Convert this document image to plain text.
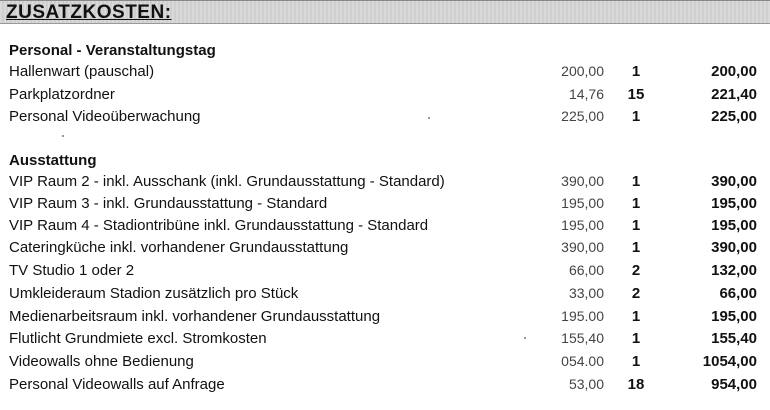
ZUSATZKOSTEN:
Personal - Veranstaltungstag
Hallenwart (pauschal)	200,00	1	200,00
Parkplatzordner	14,76	15	221,40
Personal Videoüberwachung	225,00	1	225,00
Ausstattung
VIP Raum 2 - inkl. Ausschank (inkl. Grundausstattung - Standard)	390,00	1	390,00
VIP Raum 3 - inkl. Grundausstattung - Standard	195,00	1	195,00
VIP Raum 4 - Stadiontribüne inkl. Grundausstattung - Standard	195,00	1	195,00
Cateringküche inkl. vorhandener Grundausstattung	390,00	1	390,00
TV Studio 1 oder 2	66,00	2	132,00
Umkleideraum Stadion zusätzlich pro Stück	33,00	2	66,00
Medienarbeitsraum inkl. vorhandener Grundausstattung	195.00	1	195,00
Flutlicht Grundmiete excl. Stromkosten	155,40	1	155,40
Videowalls ohne Bedienung	054.00	1	1054,00
Personal Videowalls auf Anfrage	53,00	18	954,00
